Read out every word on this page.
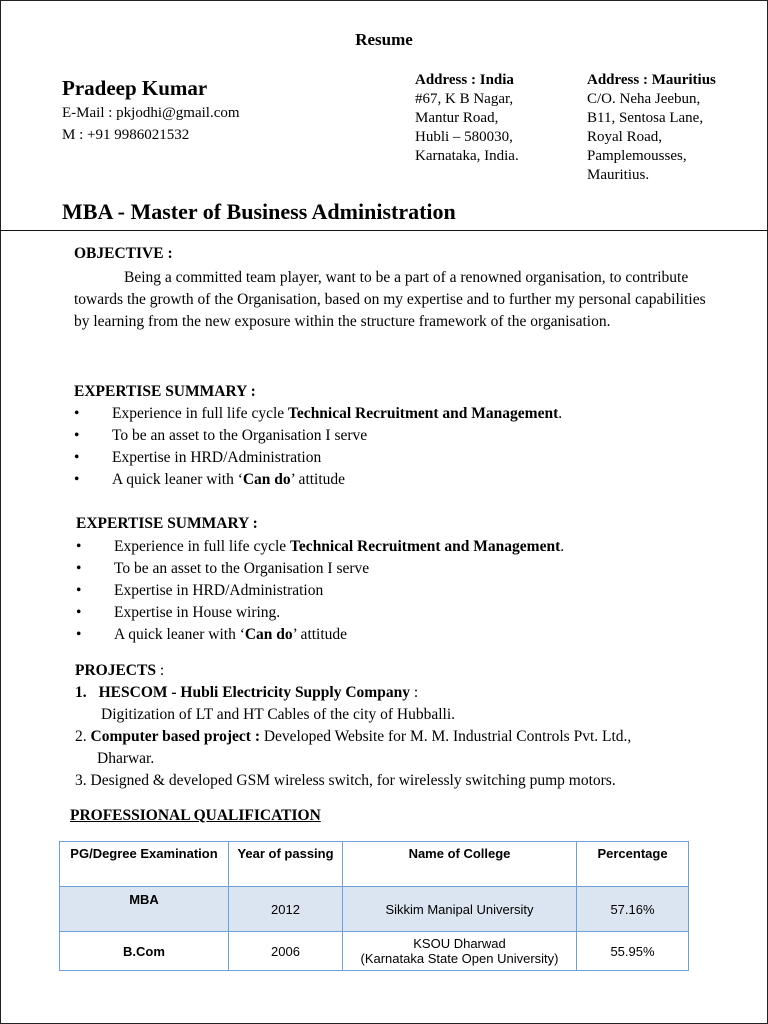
Resume
Pradeep Kumar
E-Mail : pkjodhi@gmail.com
M : +91 9986021532
Address : India
#67, K B Nagar,
Mantur Road,
Hubli – 580030,
Karnataka, India.
Address : Mauritius
C/O. Neha Jeebun,
B11, Sentosa Lane,
Royal Road,
Pamplemousses,
Mauritius.
MBA - Master of Business Administration
OBJECTIVE :
Being a committed team player, want to be a part of a renowned organisation, to contribute towards the growth of the Organisation, based on my expertise and to further my personal capabilities by learning from the new exposure within the structure framework of the organisation.
EXPERTISE SUMMARY :
• Experience in full life cycle Technical Recruitment and Management.
• To be an asset to the Organisation I serve
• Expertise in HRD/Administration
• A quick leaner with ‘Can do’ attitude
EXPERTISE SUMMARY :
• Experience in full life cycle Technical Recruitment and Management.
• To be an asset to the Organisation I serve
• Expertise in HRD/Administration
• Expertise in House wiring.
• A quick leaner with ‘Can do’ attitude
PROJECTS :
1. HESCOM - Hubli Electricity Supply Company :
Digitization of LT and HT Cables of the city of Hubballi.
2. Computer based project : Developed Website for M. M. Industrial Controls Pvt. Ltd.,
Dharwar.
3. Designed & developed GSM wireless switch, for wirelessly switching pump motors.
PROFESSIONAL QUALIFICATION
PG/Degree Examination	Year of passing	Name of College	Percentage
MBA	2012	Sikkim Manipal University	57.16%
B.Com	2006	KSOU Dharwad
(Karnataka State Open University)	55.95%
